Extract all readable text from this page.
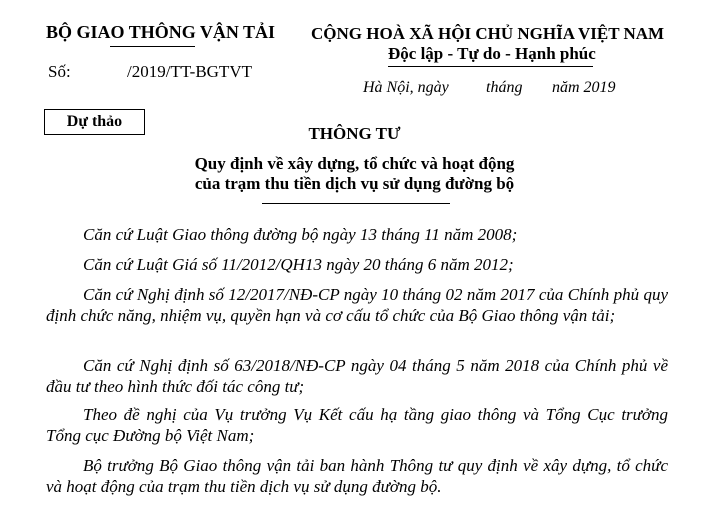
BỘ GIAO THÔNG VẬN TẢI
Số:	/2019/TT-BGTVT
CỘNG HOÀ XÃ HỘI CHỦ NGHĨA VIỆT NAM
Độc lập - Tự do - Hạnh phúc
Hà Nội, ngày tháng năm 2019
Dự thảo
THÔNG TƯ
Quy định về xây dựng, tổ chức và hoạt động
của trạm thu tiền dịch vụ sử dụng đường bộ
Căn cứ Luật Giao thông đường bộ ngày 13 tháng 11 năm 2008;
Căn cứ Luật Giá số 11/2012/QH13 ngày 20 tháng 6 năm 2012;
Căn cứ Nghị định số 12/2017/NĐ-CP ngày 10 tháng 02 năm 2017 của Chính phủ quy định chức năng, nhiệm vụ, quyền hạn và cơ cấu tổ chức của Bộ Giao thông vận tải;
Căn cứ Nghị định số 63/2018/NĐ-CP ngày 04 tháng 5 năm 2018 của Chính phủ về đầu tư theo hình thức đối tác công tư;
Theo đề nghị của Vụ trưởng Vụ Kết cấu hạ tầng giao thông và Tổng Cục trưởng Tổng cục Đường bộ Việt Nam;
Bộ trưởng Bộ Giao thông vận tải ban hành Thông tư quy định về xây dựng, tổ chức và hoạt động của trạm thu tiền dịch vụ sử dụng đường bộ.
